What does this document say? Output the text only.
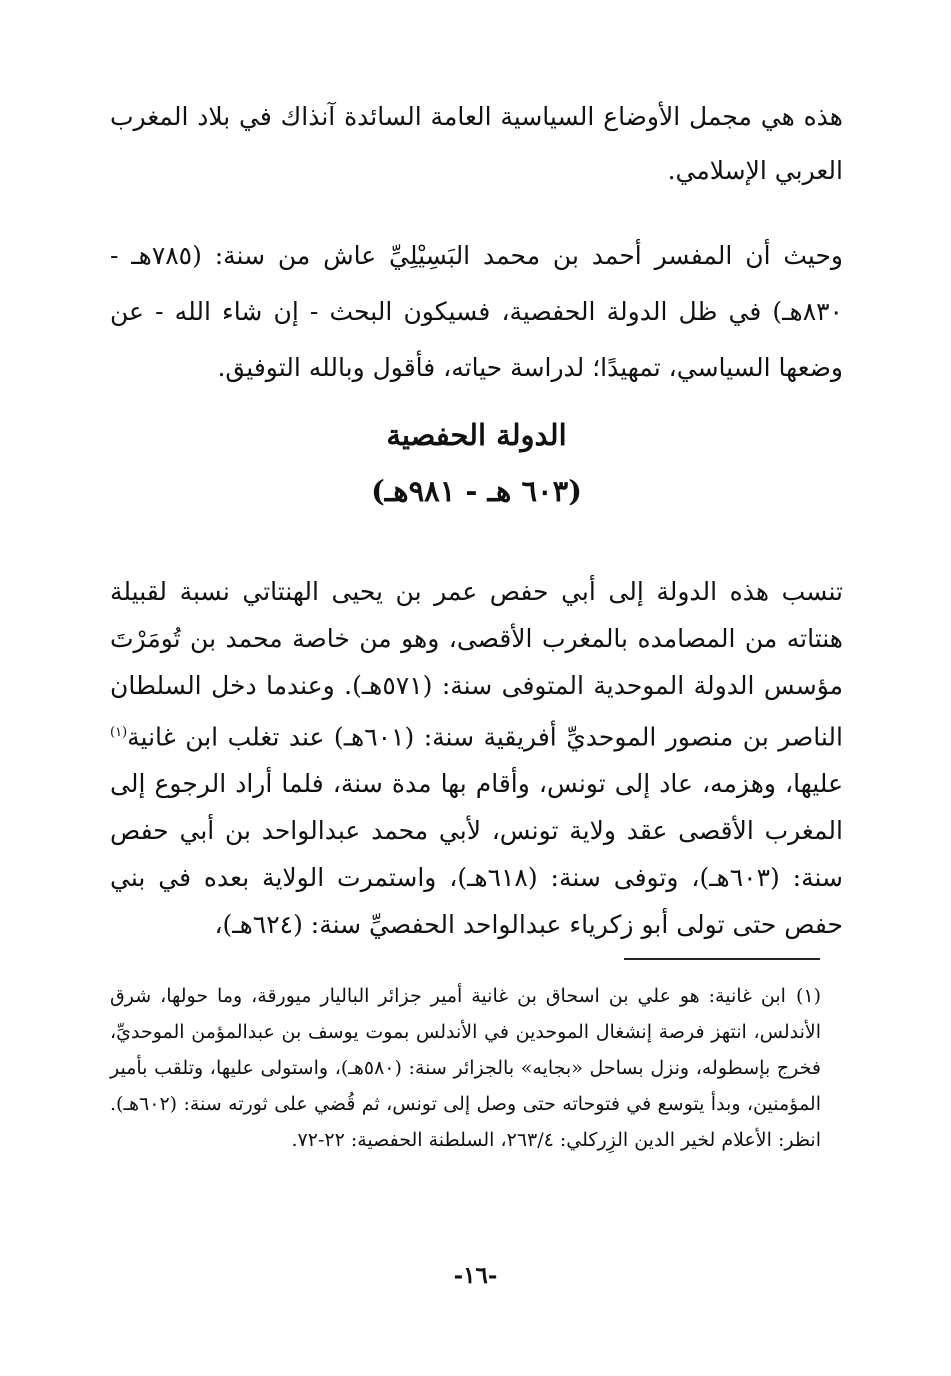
هذه هي مجمل الأوضاع السياسية العامة السائدة آنذاك في بلاد المغرب العربي الإسلامي.

وحيث أن المفسر أحمد بن محمد البَسِيْلِيِّ عاش من سنة: (٧٨٥هـ - ٨٣٠هـ) في ظل الدولة الحفصية، فسيكون البحث - إن شاء الله - عن وضعها السياسي، تمهيدًا؛ لدراسة حياته، فأقول وبالله التوفيق.

الدولة الحفصية
(٦٠٣ هـ - ٩٨١هـ)

تنسب هذه الدولة إلى أبي حفص عمر بن يحيى الهنتاتي نسبة لقبيلة هنتاته من المصامده بالمغرب الأقصى، وهو من خاصة محمد بن تُومَرْتَ مؤسس الدولة الموحدية المتوفى سنة: (٥٧١هـ). وعندما دخل السلطان الناصر بن منصور الموحديِّ أفريقية سنة: (٦٠١هـ) عند تغلب ابن غانية$^{(١)}$ عليها، وهزمه، عاد إلى تونس، وأقام بها مدة سنة، فلما أراد الرجوع إلى المغرب الأقصى عقد ولاية تونس، لأبي محمد عبدالواحد بن أبي حفص سنة: (٦٠٣هـ)، وتوفى سنة: (٦١٨هـ)، واستمرت الولاية بعده في بني حفص حتى تولى أبو زكرياء عبدالواحد الحفصيِّ سنة: (٦٢٤هـ)،

(١)

ابن غانية: هو علي بن اسحاق بن غانية أمير جزائر الباليار ميورقة، وما حولها، شرق الأندلس، انتهز فرصة إنشغال الموحدين في الأندلس بموت يوسف بن عبدالمؤمن الموحديِّ، فخرج بإسطوله، ونزل بساحل «بجايه» بالجزائر سنة: (٥٨٠هـ)، واستولى عليها، وتلقب بأمير المؤمنين، وبدأ يتوسع في فتوحاته حتى وصل إلى تونس، ثم قُضي على ثورته سنة: (٦٠٢هـ). انظر: الأعلام لخير الدين الزِركلي: ٢٦٣/٤، السلطنة الحفصية: ٢٢-٧٢.

-١٦-
